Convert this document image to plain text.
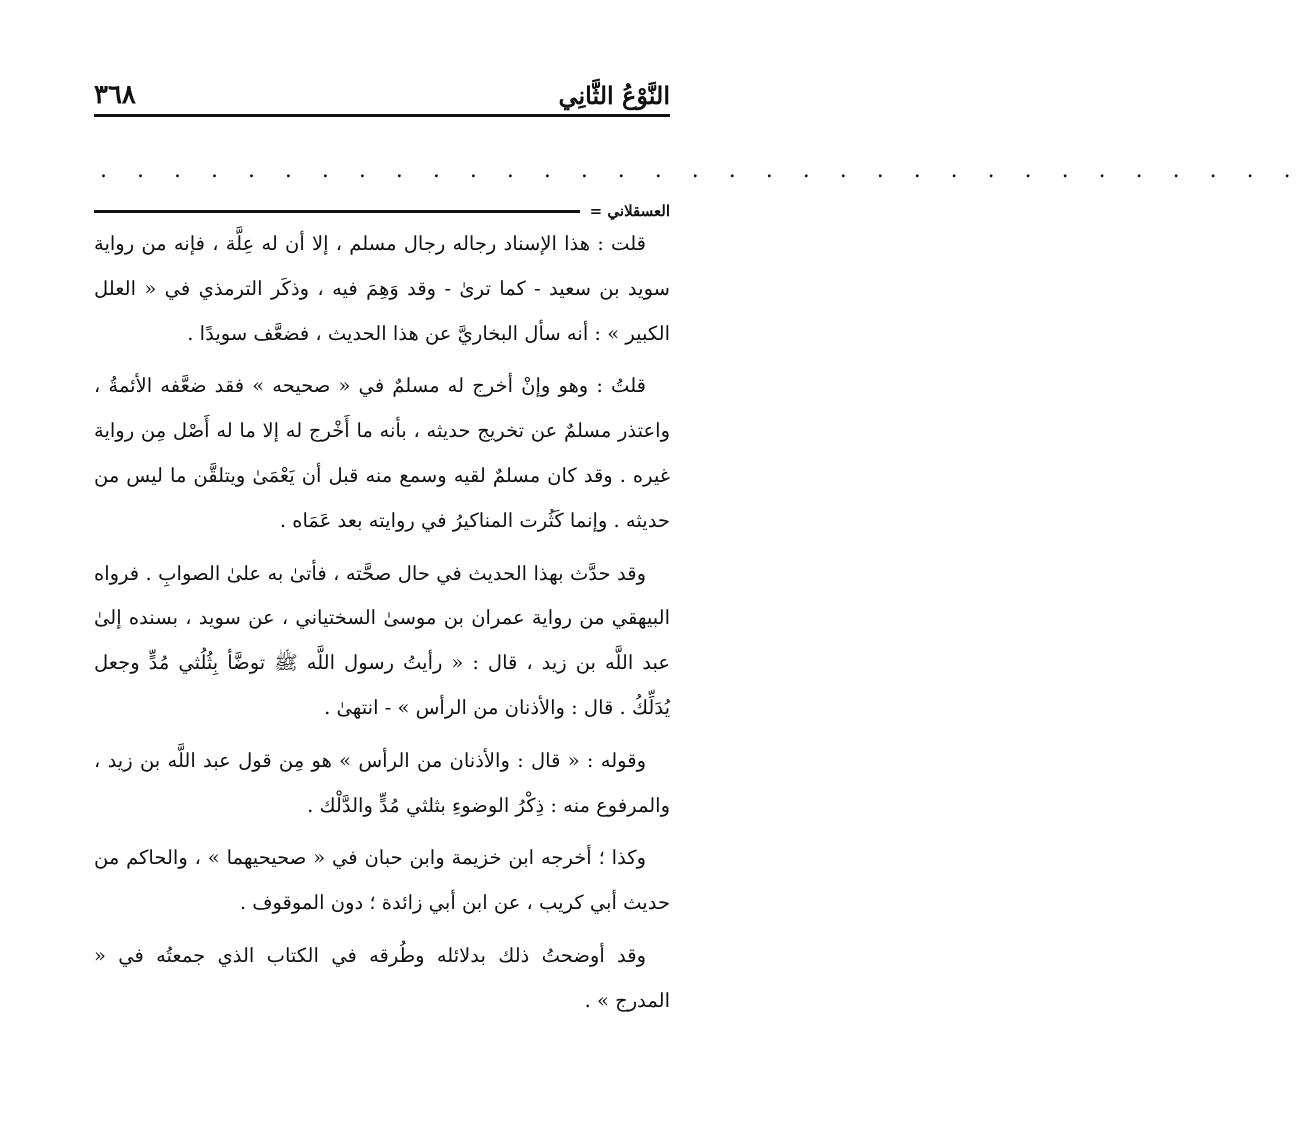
٣٦٨	النَّوْعُ الثَّانِي
. . . . . . . . . . . . . . . . . . . . . . . . . . . . . . . . .
العسقلاني =

قلت : هذا الإسناد رجاله رجال مسلم ، إلا أن له عِلَّة ، فإنه من رواية سويد بن سعيد - كما ترىٰ - وقد وَهِمَ فيه ، وذكَر الترمذي في « العلل الكبير » : أنه سأل البخاريَّ عن هذا الحديث ، فضعَّف سويدًا .

قلتُ : وهو وإنْ أخرج له مسلمٌ في « صحيحه » فقد ضعَّفه الأئمةُ ، واعتذر مسلمٌ عن تخريج حديثه ، بأنه ما أَخْرج له إلا ما له أَصْل مِن رواية غيره . وقد كان مسلمٌ لقيه وسمع منه قبل أن يَعْمَىٰ ويتلقَّن ما ليس من حديثه . وإنما كَثُرت المناكيرُ في روايته بعد عَمَاه .

وقد حدَّث بهذا الحديث في حال صحَّته ، فأتىٰ به علىٰ الصوابِ . فرواه البيهقي من رواية عمران بن موسىٰ السختياني ، عن سويد ، بسنده إلىٰ عبد اللَّه بن زيد ، قال : « رأيتُ رسول اللَّه ﷺ توضَّأ بِثُلُثي مُدٍّ وجعل يُدَلِّكُ . قال : والأذنان من الرأس » - انتهىٰ .

وقوله : « قال : والأذنان من الرأس » هو مِن قول عبد اللَّه بن زيد ، والمرفوع منه : ذِكْرُ الوضوءِ بثلثي مُدٍّ والدَّلْك .

وكذا ؛ أخرجه ابن خزيمة وابن حبان في « صحيحيهما » ، والحاكم من حديث أبي كريب ، عن ابن أبي زائدة ؛ دون الموقوف .

وقد أوضحتُ ذلك بدلائله وطُرقه في الكتاب الذي جمعتُه في « المدرج » .
